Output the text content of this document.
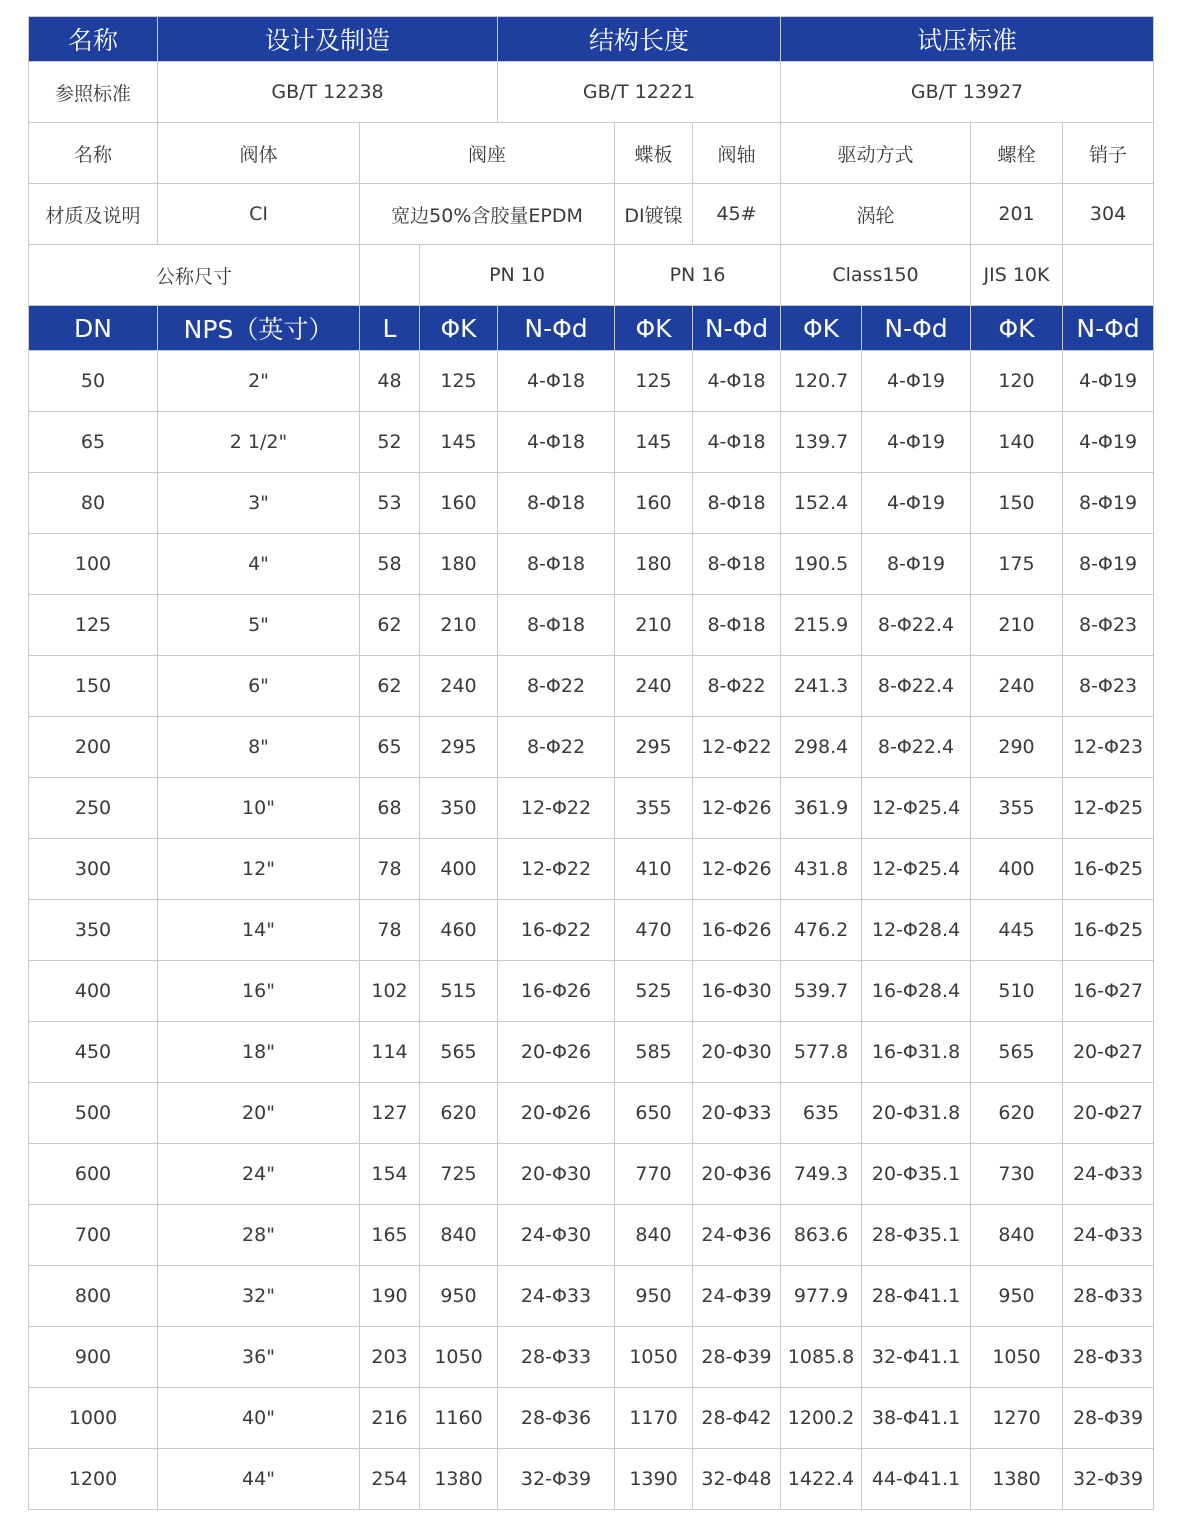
名称	设计及制造			结构长度			试压标准			
参照标准	GB/T 12238			GB/T 12221			GB/T 13927			
名称	阀体	阀座			蝶板	阀轴	驱动方式		螺栓	销子
材质及说明	CI	宽边50%含胶量EPDM			DI镀镍	45#	涡轮		201	304
公称尺寸			PN 10		PN 16		Class150		JIS 10K	
DN	NPS（英寸）	L	ΦK	N-Φd	ΦK	N-Φd	ΦK	N-Φd	ΦK	N-Φd
50	2"	48	125	4-Φ18	125	4-Φ18	120.7	4-Φ19	120	4-Φ19
65	2 1/2"	52	145	4-Φ18	145	4-Φ18	139.7	4-Φ19	140	4-Φ19
80	3"	53	160	8-Φ18	160	8-Φ18	152.4	4-Φ19	150	8-Φ19
100	4"	58	180	8-Φ18	180	8-Φ18	190.5	8-Φ19	175	8-Φ19
125	5"	62	210	8-Φ18	210	8-Φ18	215.9	8-Φ22.4	210	8-Φ23
150	6"	62	240	8-Φ22	240	8-Φ22	241.3	8-Φ22.4	240	8-Φ23
200	8"	65	295	8-Φ22	295	12-Φ22	298.4	8-Φ22.4	290	12-Φ23
250	10"	68	350	12-Φ22	355	12-Φ26	361.9	12-Φ25.4	355	12-Φ25
300	12"	78	400	12-Φ22	410	12-Φ26	431.8	12-Φ25.4	400	16-Φ25
350	14"	78	460	16-Φ22	470	16-Φ26	476.2	12-Φ28.4	445	16-Φ25
400	16"	102	515	16-Φ26	525	16-Φ30	539.7	16-Φ28.4	510	16-Φ27
450	18"	114	565	20-Φ26	585	20-Φ30	577.8	16-Φ31.8	565	20-Φ27
500	20"	127	620	20-Φ26	650	20-Φ33	635	20-Φ31.8	620	20-Φ27
600	24"	154	725	20-Φ30	770	20-Φ36	749.3	20-Φ35.1	730	24-Φ33
700	28"	165	840	24-Φ30	840	24-Φ36	863.6	28-Φ35.1	840	24-Φ33
800	32"	190	950	24-Φ33	950	24-Φ39	977.9	28-Φ41.1	950	28-Φ33
900	36"	203	1050	28-Φ33	1050	28-Φ39	1085.8	32-Φ41.1	1050	28-Φ33
1000	40"	216	1160	28-Φ36	1170	28-Φ42	1200.2	38-Φ41.1	1270	28-Φ39
1200	44"	254	1380	32-Φ39	1390	32-Φ48	1422.4	44-Φ41.1	1380	32-Φ39
